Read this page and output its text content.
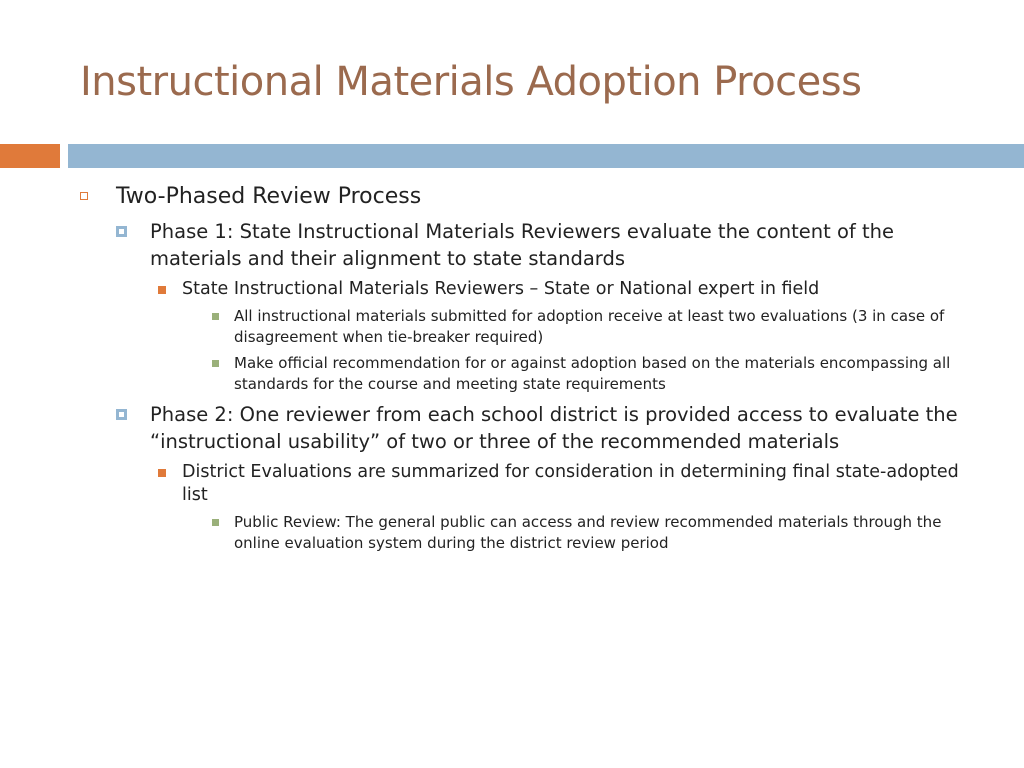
Instructional Materials Adoption Process
Two-Phased Review Process
Phase 1: State Instructional Materials Reviewers evaluate the content of the materials and their alignment to state standards
State Instructional Materials Reviewers – State or National expert in field
All instructional materials submitted for adoption receive at least two evaluations (3 in case of disagreement when tie-breaker required)
Make official recommendation for or against adoption based on the materials encompassing all standards for the course and meeting state requirements
Phase 2: One reviewer from each school district is provided access to evaluate the “instructional usability” of two or three of the recommended materials
District Evaluations are summarized for consideration in determining final state-adopted list
Public Review: The general public can access and review recommended materials through the online evaluation system during the district review period
